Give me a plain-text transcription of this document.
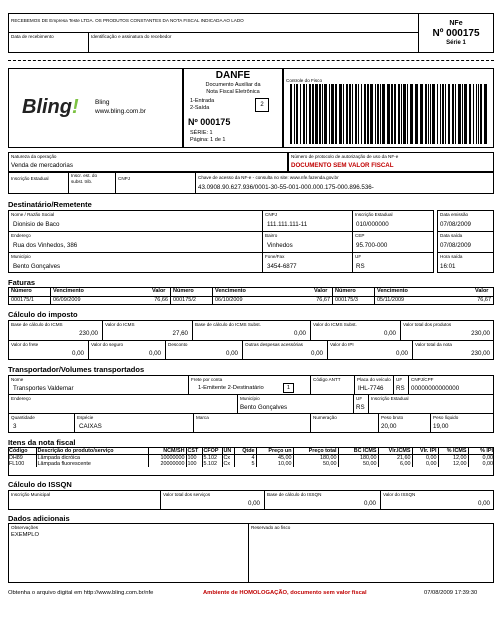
RECEBEMOS DE Empresa Teste LTDA. OS PRODUTOS CONSTANTES DA NOTA FISCAL INDICADA AO LADO
Data de recebimento	Identificação e assinatura do recebedor
NFe
Nº 000175
Série 1
Bling!	Bling
www.bling.com.br
DANFE
Documento Auxiliar da
Nota Fiscal Eletrônica
1-Entrada
2-Saída	2
Nº 000175
SÉRIE: 1
Página: 1 de 1
Controle do Fisco
Natureza da operação
Venda de mercadorias
Número de protocolo de autorização de uso da NF-e
DOCUMENTO SEM VALOR FISCAL
Inscrição Estadual
Inscr. est. do
subst. trib.
CNPJ	Chave de acesso da NF-e - consulta no site: www.nfe.fazenda.gov.br
43.0908.90.627.936/0001-30-55-001-000.000.175-000.896.536-
Destinatário/Remetente
Nome / Razão Social
Dionisio de Baco
CNPJ
111.111.111-11
Inscrição Estadual
010/000000
Data emissão
07/08/2009
Endereço
Rua dos Vinhedos, 386
Bairro
Vinhedos
CEP
95.700-000
Data saída
07/08/2009
Município
Bento Gonçalves
Fone/Fax
3454-6877
UF
RS
Hora saída
16:01
Faturas
Número	Vencimento	Valor Número	Vencimento	Valor Número	Vencimento	Valor
000175/1	06/09/2009	76,66 000175/2	06/10/2009	76,67 000175/3	05/11/2009	76,67
Cálculo do imposto
Base de cálculo do ICMS
230,00
Valor do ICMS
27,60
Base de cálculo do ICMS Subst.
0,00
Valor do ICMS Subst.
0,00
Valor total dos produtos
230,00
Valor do frete
0,00
Valor do seguro
0,00
Desconto
0,00
Outras despesas acessórias
0,00
Valor do IPI
0,00
Valor total da nota
230,00
Transportador/Volumes transportados
Nome
Transportes Valdemar
Frete por conta
1-Emitente 2-Destinatário	1
Código ANTT	Placa do veículo
IHL-7746
UF
RS
CNPJ/CPF
00000000000000
Endereço	Município
Bento Gonçalves
UF
RS
Inscrição Estadual
Quantidade
3
Espécie
CAIXAS
Marca	Numeração	Peso bruto
20,00
Peso líquido
19,00
Itens da nota fiscal
Código	Descrição do produto/serviço	NCM/SH	CST	CFOP	UN	Qtde	Preço un	Preço total	BC ICMS	Vlr.ICMS	Vlr. IPI	% ICMS	% IPI
DH89	Lâmpada dicróica	10000000	100	5.102	Cx	4	45,00	180,00	180,00	21,60	0,00	12,00	0,00
FL100	Lâmpada fluorescente	20000000	100	5.102	Cx	5	10,00	50,00	50,00	6,00	0,00	12,00	0,00
Cálculo do ISSQN
Inscrição Municipal	Valor total dos serviços
0,00
Base de cálculo do ISSQN
0,00
Valor do ISSQN
0,00
Dados adicionais
Observações
EXEMPLO
Reservado ao fisco
Obtenha o arquivo digital em http://www.bling.com.br/nfe	Ambiente de HOMOLOGAÇÃO, documento sem valor fiscal	07/08/2009 17:39:30
